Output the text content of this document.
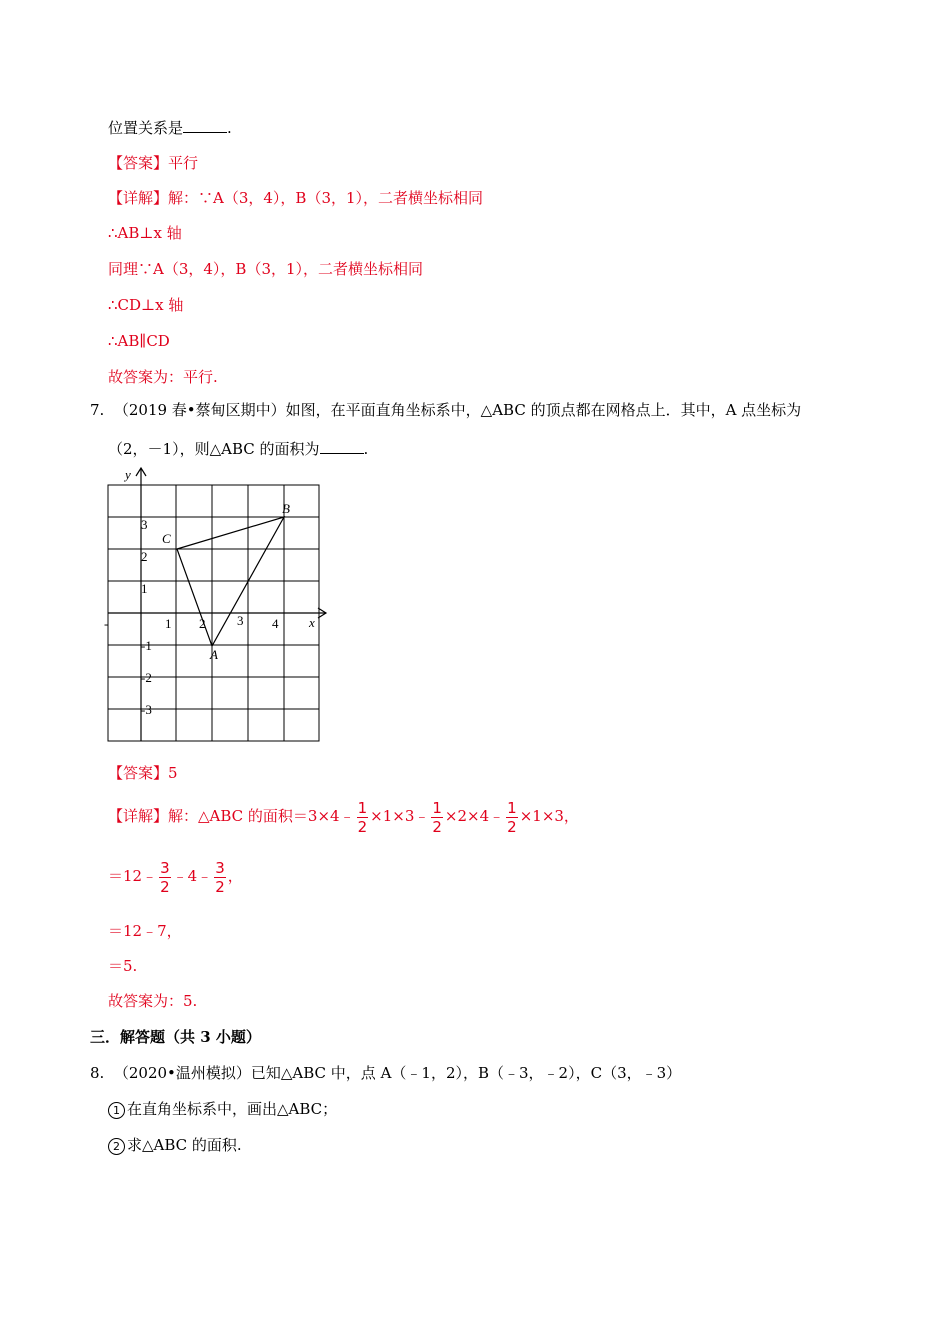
位置关系是	.
【答案】平行
【详解】解：∵A（3，4），B（3，1），二者横坐标相同
∴AB⊥x 轴
同理∵A（3，4），B（3，1），二者横坐标相同
∴CD⊥x 轴
∴AB∥CD
故答案为：平行.
7. （2019 春•蔡甸区期中）如图，在平面直角坐标系中，△ABC 的顶点都在网格点上．其中，A 点坐标为
（2，－1），则△ABC 的面积为	.
x
y
1 2 3 4
3
2
1
-1
-2
-3
-
A
B
C
【答案】5
【详解】解：△ABC 的面积＝3×4﹣ $\frac{1}{2}$ ×1×3﹣ $\frac{1}{2}$ ×2×4﹣ $\frac{1}{2} \times 1\times 3$，
＝12﹣ $\frac{3}{2}$ ﹣4﹣ $\frac{3}{2}$ ，
＝12﹣7，
＝5.
故答案为：5.
三．解答题（共 3 小题）
8. （2020•温州模拟）已知△ABC 中，点 A（﹣1，2），B（﹣3，﹣2），C（3，﹣3）
1 在直角坐标系中，画出△ABC；
2 求△ABC 的面积.
